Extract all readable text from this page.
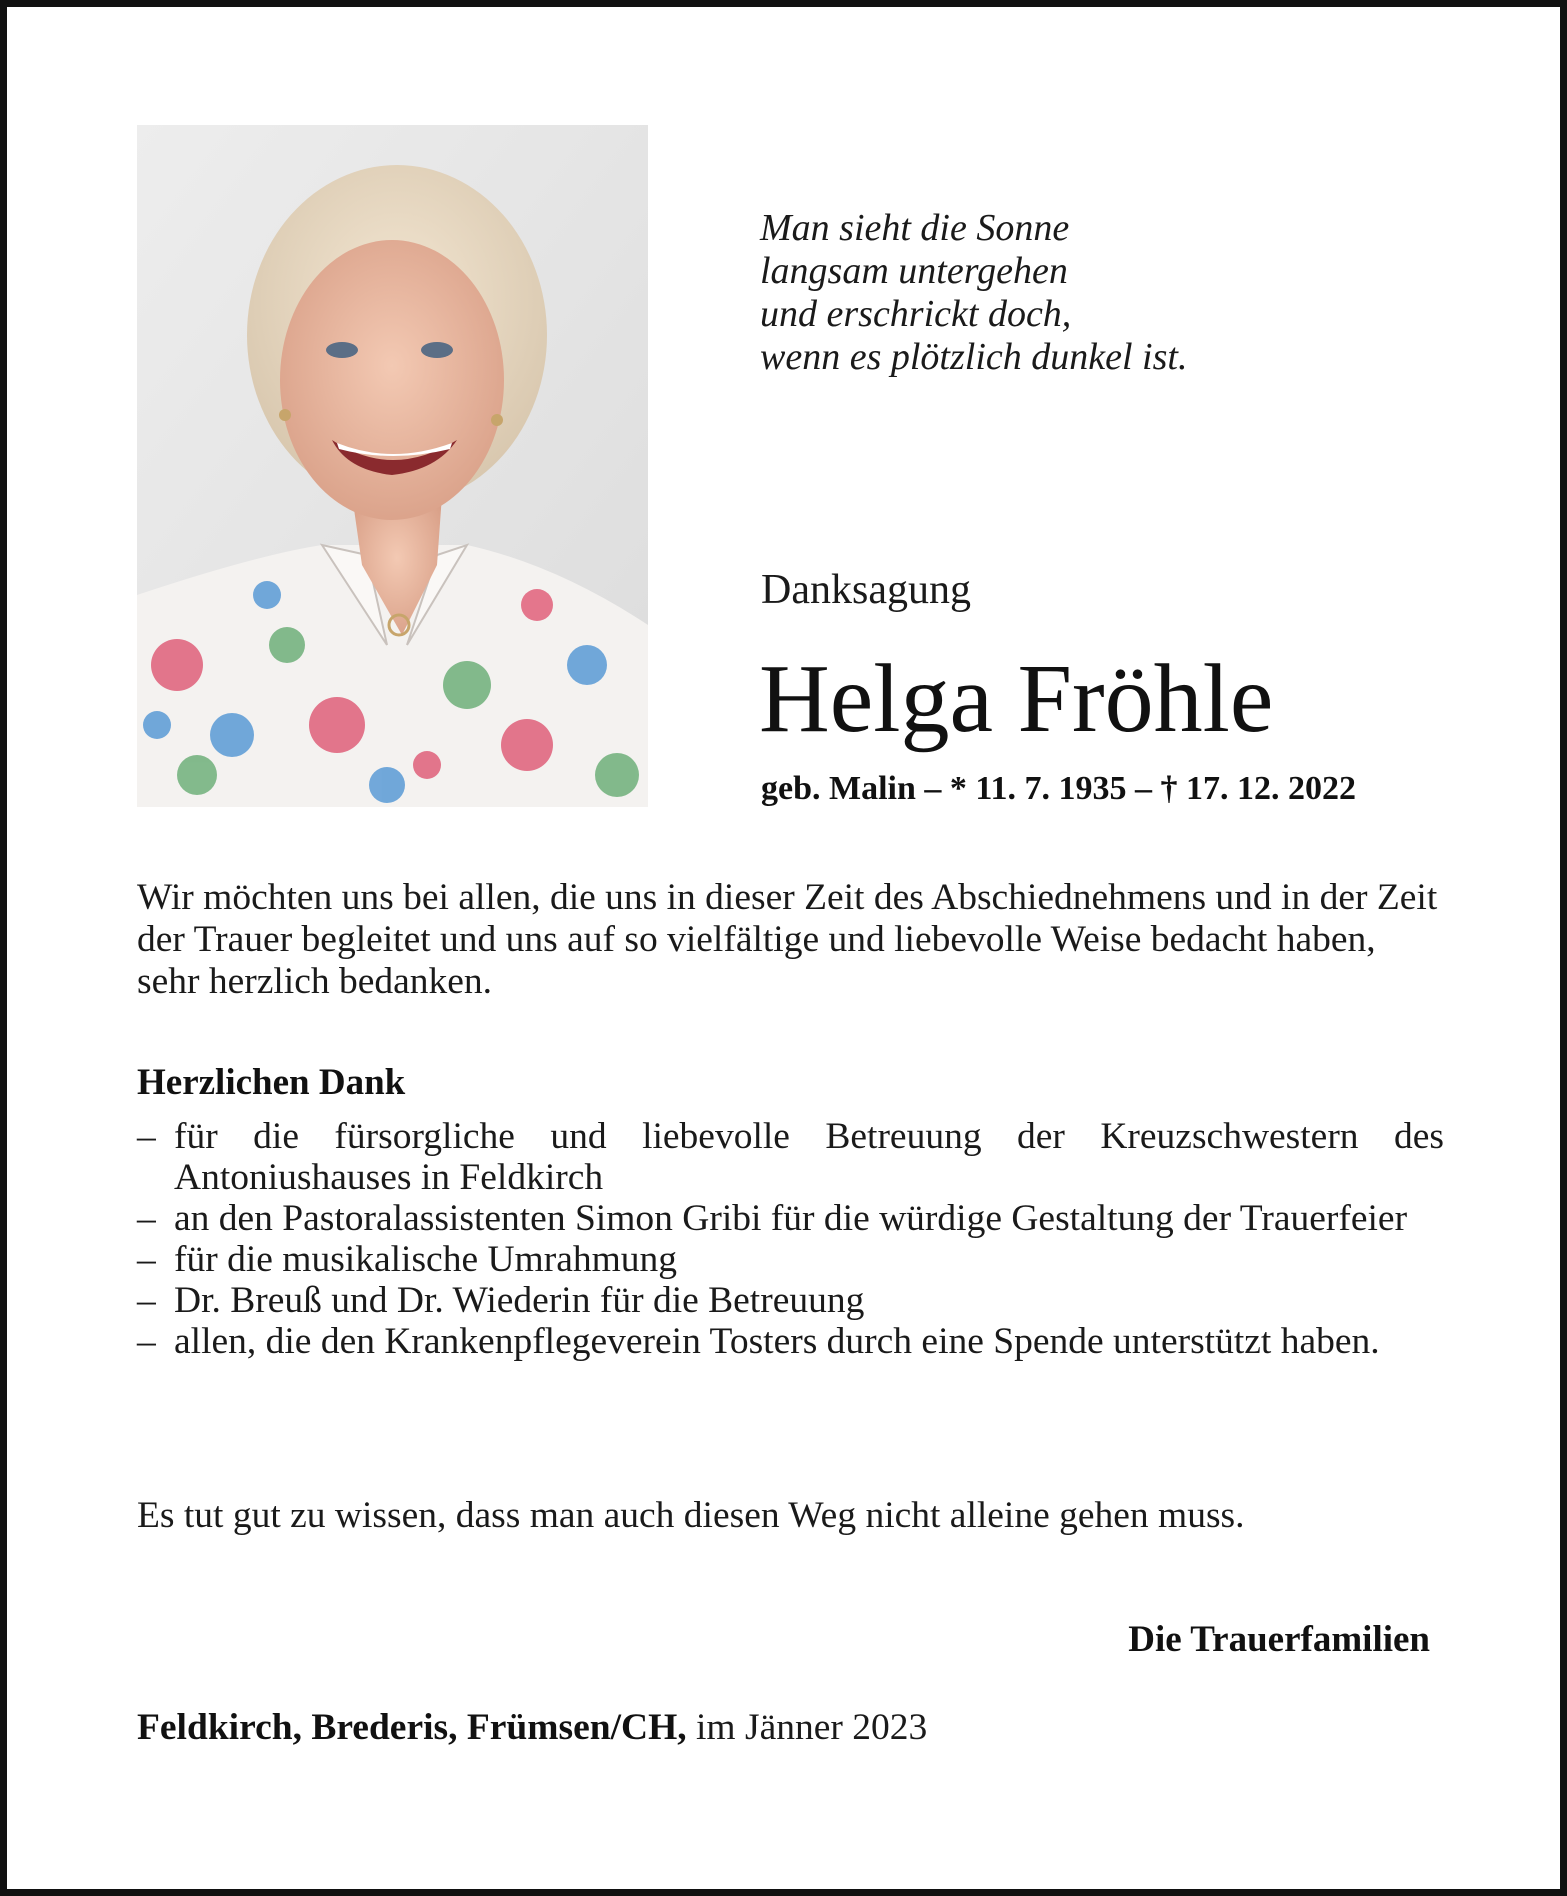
Man sieht die Sonne
langsam untergehen
und erschrickt doch,
wenn es plötzlich dunkel ist.
Danksagung
Helga Fröhle
geb. Malin – * 11. 7. 1935 – † 17. 12. 2022
Wir möchten uns bei allen, die uns in dieser Zeit des Abschiednehmens und in der Zeit der Trauer begleitet und uns auf so vielfältige und liebevolle Weise bedacht haben, sehr herzlich bedanken.
Herzlichen Dank
– für die fürsorgliche und liebevolle Betreuung der Kreuzschwestern des Antoniushauses in Feldkirch
– an den Pastoralassistenten Simon Gribi für die würdige Gestaltung der Trauerfeier
– für die musikalische Umrahmung
– Dr. Breuß und Dr. Wiederin für die Betreuung
– allen, die den Krankenpflegeverein Tosters durch eine Spende unterstützt haben.
Es tut gut zu wissen, dass man auch diesen Weg nicht alleine gehen muss.
Die Trauerfamilien
Feldkirch, Brederis, Frümsen/CH, im Jänner 2023
